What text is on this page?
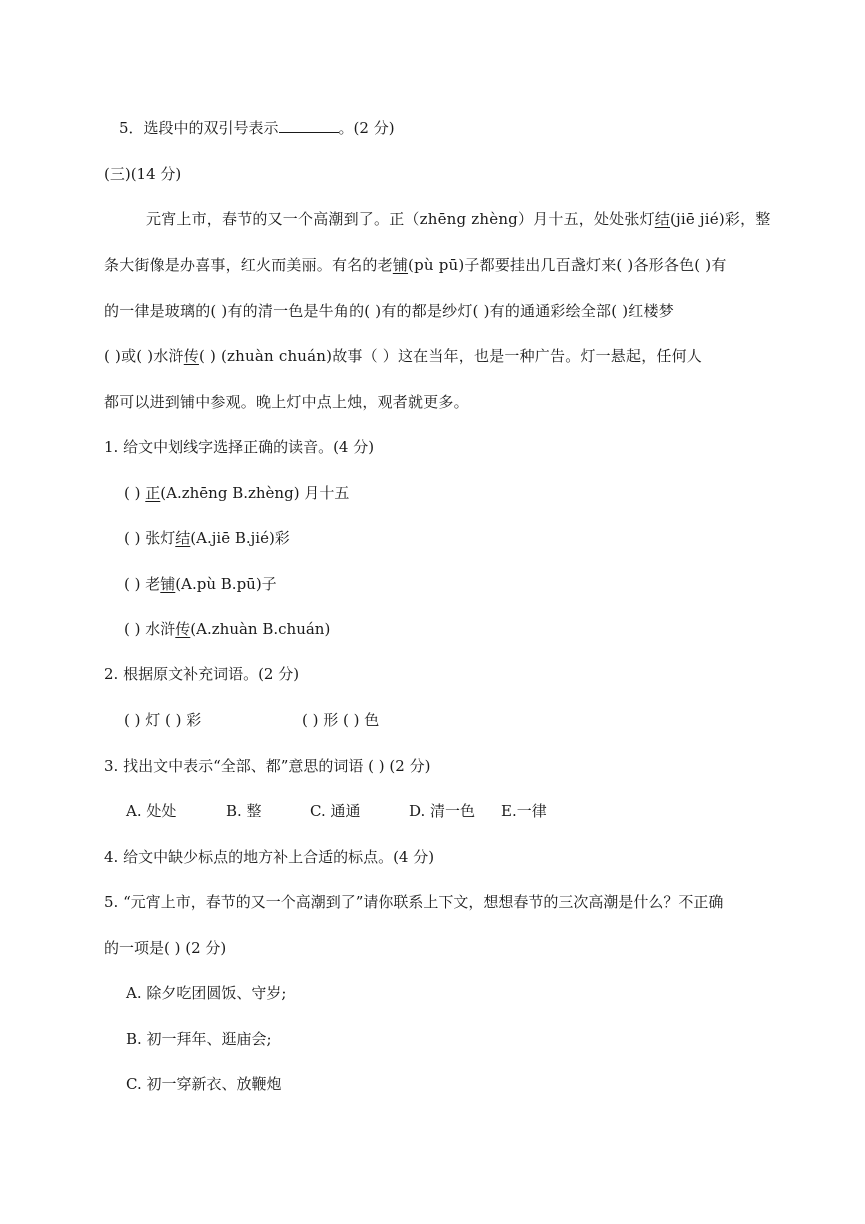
5．选段中的双引号表示	。(2 分)
(三)(14 分)
元宵上市，春节的又一个高潮到了。正（zhēng zhèng）月十五，处处张灯结(jiē jié)彩，整
条大街像是办喜事，红火而美丽。有名的老铺(pù pū)子都要挂出几百盏灯来( )各形各色( )有
的一律是玻璃的( )有的清一色是牛角的( )有的都是纱灯( )有的通通彩绘全部( )红楼梦
( )或( )水浒传( ) (zhuàn chuán)故事（ ）这在当年，也是一种广告。灯一悬起，任何人
都可以进到铺中参观。晚上灯中点上烛，观者就更多。
1. 给文中划线字选择正确的读音。(4 分)
( ) 正(A.zhēng B.zhèng) 月十五
( ) 张灯结(A.jiē B.jié)彩
( ) 老铺(A.pù B.pū)子
( ) 水浒传(A.zhuàn B.chuán)
2. 根据原文补充词语。(2 分)
( ) 灯 ( ) 彩	( ) 形 ( ) 色
3. 找出文中表示“全部、都”意思的词语 ( ) (2 分)
A. 处处	B. 整	C. 通通	D. 清一色 E.一律
4. 给文中缺少标点的地方补上合适的标点。(4 分)
5. “元宵上市，春节的又一个高潮到了”请你联系上下文，想想春节的三次高潮是什么？不正确
的一项是( ) (2 分)
A. 除夕吃团圆饭、守岁;
B. 初一拜年、逛庙会;
C. 初一穿新衣、放鞭炮
